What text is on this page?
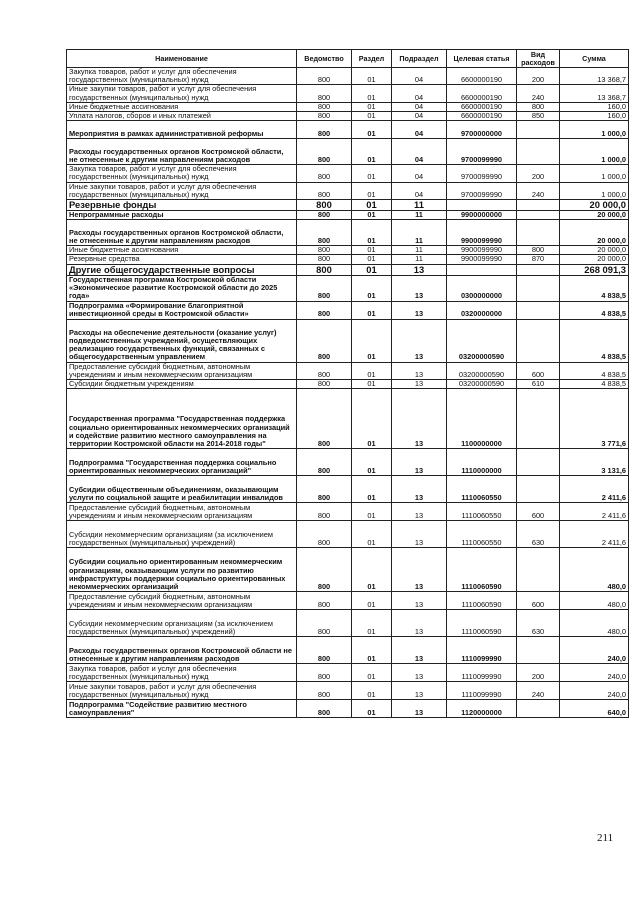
Наименование	Ведомство	Раздел	Подраздел	Целевая статья	Вид расходов	Сумма
Закупка товаров, работ и услуг для обеспечения государственных (муниципальных) нужд	800	01	04	6600000190	200	13 368,7
Иные закупки товаров, работ и услуг для обеспечения государственных (муниципальных) нужд	800	01	04	6600000190	240	13 368,7
Иные бюджетные ассигнования	800	01	04	6600000190	800	160,0
Уплата налогов, сборов и иных платежей	800	01	04	6600000190	850	160,0
Мероприятия в рамках административной реформы	800	01	04	9700000000		1 000,0
Расходы государственных органов Костромской области, не отнесенные к другим направлениям расходов	800	01	04	9700099990		1 000,0
Закупка товаров, работ и услуг для обеспечения государственных (муниципальных) нужд	800	01	04	9700099990	200	1 000,0
Иные закупки товаров, работ и услуг для обеспечения государственных (муниципальных) нужд	800	01	04	9700099990	240	1 000,0
Резервные фонды	800	01	11			20 000,0
Непрограммные расходы	800	01	11	9900000000		20 000,0
Расходы государственных органов Костромской области, не отнесенные к другим направлениям расходов	800	01	11	9900099990		20 000,0
Иные бюджетные ассигнования	800	01	11	9900099990	800	20 000,0
Резервные средства	800	01	11	9900099990	870	20 000,0
Другие общегосударственные вопросы	800	01	13			268 091,3
Государственная программа Костромской области «Экономическое развитие Костромской области до 2025 года»	800	01	13	0300000000		4 838,5
Подпрограмма «Формирование благоприятной инвестиционной среды в Костромской области»	800	01	13	0320000000		4 838,5
Расходы на обеспечение деятельности (оказание услуг) подведомственных учреждений, осуществляющих реализацию государственных функций, связанных с общегосударственным управлением	800	01	13	03200000590		4 838,5
Предоставление субсидий бюджетным, автономным учреждениям и иным некоммерческим организациям	800	01	13	03200000590	600	4 838,5
Субсидии бюджетным учреждениям	800	01	13	03200000590	610	4 838,5
Государственная программа "Государственная поддержка социально ориентированных некоммерческих организаций и содействие развитию местного самоуправления на территории Костромской области на 2014-2018 годы"	800	01	13	1100000000		3 771,6
Подпрограмма "Государственная поддержка социально ориентированных некоммерческих организаций"	800	01	13	1110000000		3 131,6
Субсидии общественным объединениям, оказывающим услуги по социальной защите и реабилитации инвалидов	800	01	13	1110060550		2 411,6
Предоставление субсидий бюджетным, автономным учреждениям и иным некоммерческим организациям	800	01	13	1110060550	600	2 411,6
Субсидии некоммерческим организациям (за исключением государственных (муниципальных) учреждений)	800	01	13	1110060550	630	2 411,6
Субсидии социально ориентированным некоммерческим организациям, оказывающим услуги по развитию инфраструктуры поддержки социально ориентированных некоммерческих организаций	800	01	13	1110060590		480,0
Предоставление субсидий бюджетным, автономным учреждениям и иным некоммерческим организациям	800	01	13	1110060590	600	480,0
Субсидии некоммерческим организациям (за исключением государственных (муниципальных) учреждений)	800	01	13	1110060590	630	480,0
Расходы государственных органов Костромской области не отнесенные к другим направлениям расходов	800	01	13	1110099990		240,0
Закупка товаров, работ и услуг для обеспечения государственных (муниципальных) нужд	800	01	13	1110099990	200	240,0
Иные закупки товаров, работ и услуг для обеспечения государственных (муниципальных) нужд	800	01	13	1110099990	240	240,0
Подпрограмма "Содействие развитию местного самоуправления"	800	01	13	1120000000		640,0
211
